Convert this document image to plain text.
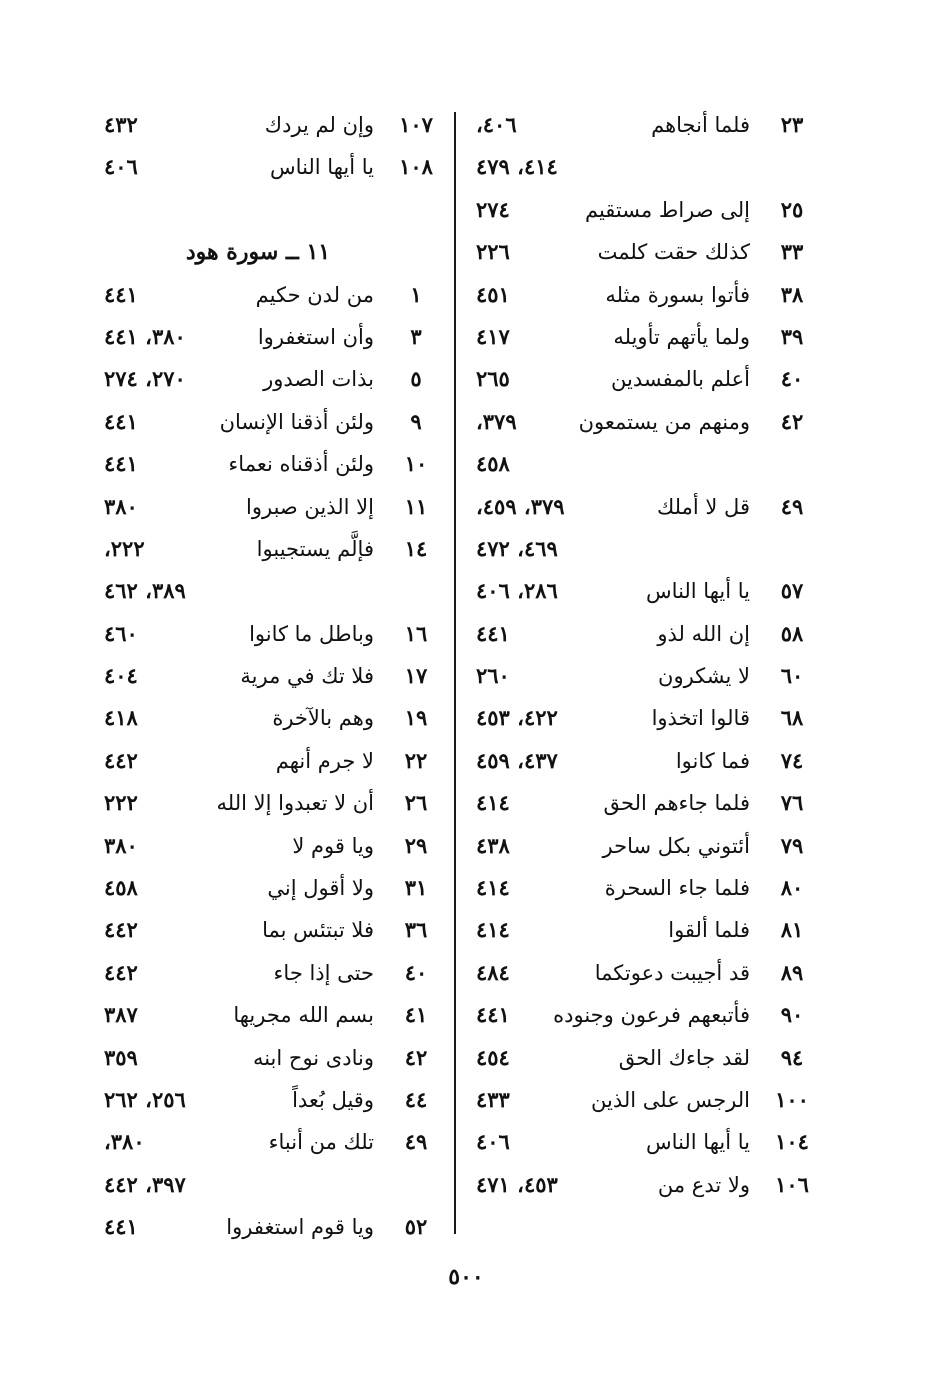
٢٣
فلما أنجاهم
٤٠٦،
٤١٤، ٤٧٩
٢٥
إلى صراط مستقيم
٢٧٤
٣٣
كذلك حقت كلمت
٢٢٦
٣٨
فأتوا بسورة مثله
٤٥١
٣٩
ولما يأتهم تأويله
٤١٧
٤٠
أعلم بالمفسدين
٢٦٥
٤٢
ومنهم من يستمعون
٣٧٩،
٤٥٨
٤٩
قل لا أملك
٣٧٩، ٤٥٩،
٤٦٩، ٤٧٢
٥٧
يا أيها الناس
٢٨٦، ٤٠٦
٥٨
إن الله لذو
٤٤١
٦٠
لا يشكرون
٢٦٠
٦٨
قالوا اتخذوا
٤٢٢، ٤٥٣
٧٤
فما كانوا
٤٣٧، ٤٥٩
٧٦
فلما جاءهم الحق
٤١٤
٧٩
أئتوني بكل ساحر
٤٣٨
٨٠
فلما جاء السحرة
٤١٤
٨١
فلما ألقوا
٤١٤
٨٩
قد أجيبت دعوتكما
٤٨٤
٩٠
فأتبعهم فرعون وجنوده
٤٤١
٩٤
لقد جاءك الحق
٤٥٤
١٠٠
الرجس على الذين
٤٣٣
١٠٤
يا أيها الناس
٤٠٦
١٠٦
ولا تدع من
٤٥٣، ٤٧١
١٠٧
وإن لم يردك
٤٣٢
١٠٨
يا أيها الناس
٤٠٦
١١ ــ سورة هود
١
من لدن حكيم
٤٤١
٣
وأن استغفروا
٣٨٠، ٤٤١
٥
بذات الصدور
٢٧٠، ٢٧٤
٩
ولئن أذقنا الإنسان
٤٤١
١٠
ولئن أذقناه نعماء
٤٤١
١١
إلا الذين صبروا
٣٨٠
١٤
فإلَّم يستجيبوا
٢٢٢،
٣٨٩، ٤٦٢
١٦
وباطل ما كانوا
٤٦٠
١٧
فلا تك في مرية
٤٠٤
١٩
وهم بالآخرة
٤١٨
٢٢
لا جرم أنهم
٤٤٢
٢٦
أن لا تعبدوا إلا الله
٢٢٢
٢٩
ويا قوم لا
٣٨٠
٣١
ولا أقول إني
٤٥٨
٣٦
فلا تبتئس بما
٤٤٢
٤٠
حتى إذا جاء
٤٤٢
٤١
بسم الله مجريها
٣٨٧
٤٢
ونادى نوح ابنه
٣٥٩
٤٤
وقيل بُعداً
٢٥٦، ٢٦٢
٤٩
تلك من أنباء
٣٨٠،
٣٩٧، ٤٤٢
٥٢
ويا قوم استغفروا
٤٤١
٥٠٠
